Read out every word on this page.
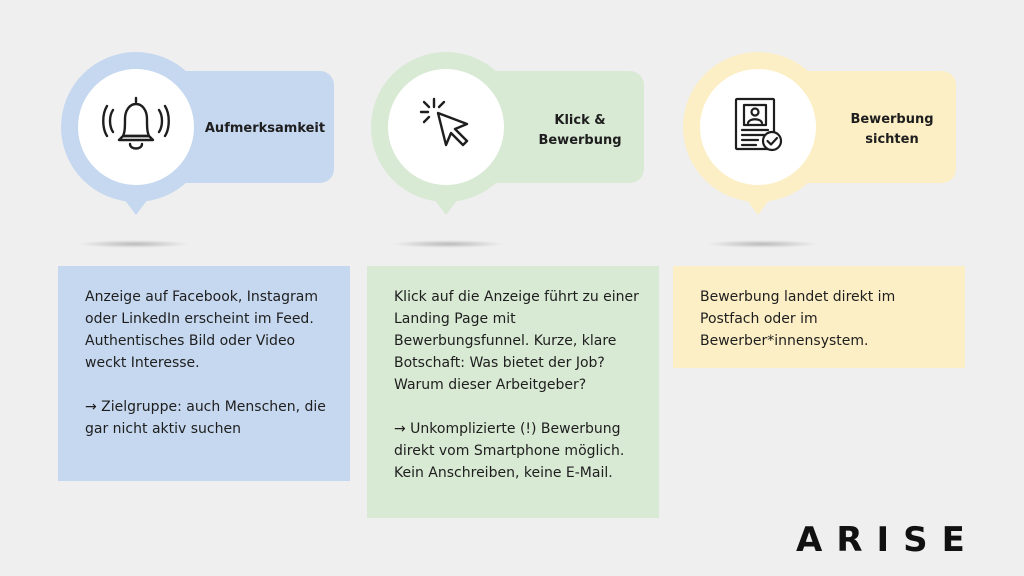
Aufmerksamkeit

Anzeige auf Facebook, Instagram oder LinkedIn erscheint im Feed. Authentisches Bild oder Video weckt Interesse.

→ Zielgruppe: auch Menschen, die gar nicht aktiv suchen

Klick &
Bewerbung

Klick auf die Anzeige führt zu einer Landing Page mit Bewerbungsfunnel. Kurze, klare Botschaft: Was bietet der Job? Warum dieser Arbeitgeber?

→ Unkomplizierte (!) Bewerbung direkt vom Smartphone möglich. Kein Anschreiben, keine E-Mail.

Bewerbung
sichten

Bewerbung landet direkt im Postfach oder im Bewerber*innensystem.

ARISE
